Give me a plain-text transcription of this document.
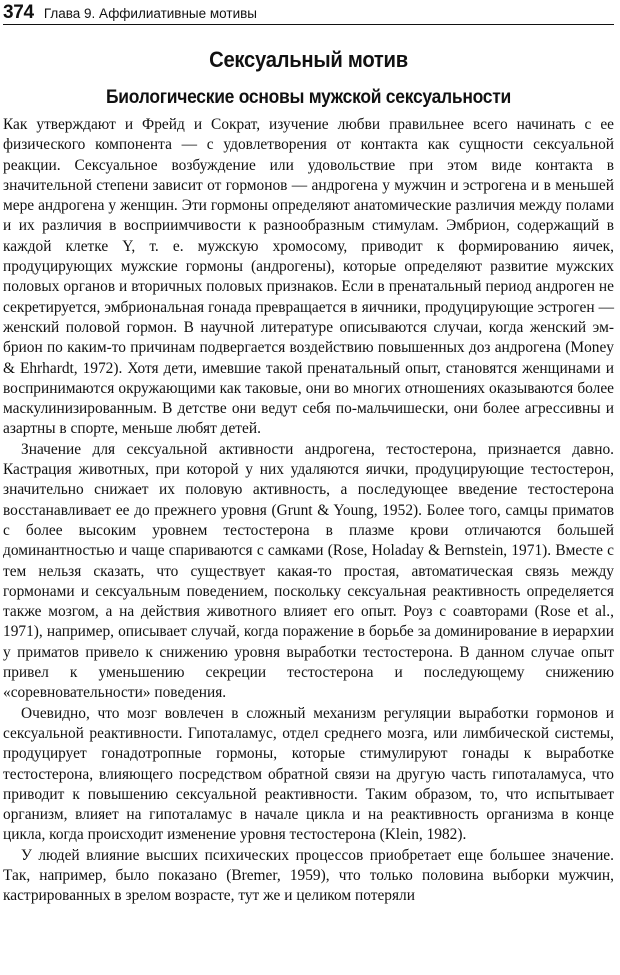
374 Глава 9. Аффилиативные мотивы
Сексуальный мотив
Биологические основы мужской сексуальности

Как утверждают и Фрейд и Сократ, изучение любви правильнее всего начинать с ее физического компонента — с удовлетворения от контакта как сущности сексуальной реакции. Сексуальное возбуждение или удовольствие при этом виде контакта в значительной степени зависит от гормонов — андрогена у мужчин и эстрогена и в меньшей мере андрогена у женщин. Эти гормоны определяют анатомические различия между полами и их различия в восприимчивости к разнообразным стимулам. Эмбрион, содержащий в каждой клетке Y, т. е. мужскую хромосому, приводит к формированию яичек, продуцирующих мужские гормоны (андрогены), которые определяют развитие мужских половых органов и вторичных половых признаков. Если в пренатальный период андроген не секретируется, эмбриональная гонада превращается в яичники, продуцирующие эстроген — женский половой гормон. В научной литературе описываются случаи, когда женский эмбрион по каким-то причинам подвергается воздействию повышенных доз андрогена (Money & Ehrhardt, 1972). Хотя дети, имевшие такой пренатальный опыт, становятся женщинами и воспринимаются окружающими как таковые, они во многих отношениях оказываются более маскулинизированным. В детстве они ведут себя по-мальчишески, они более агрессивны и азартны в спорте, меньше любят детей.

Значение для сексуальной активности андрогена, тестостерона, признается давно. Кастрация животных, при которой у них удаляются яички, продуцирующие тестостерон, значительно снижает их половую активность, а последующее введение тестостерона восстанавливает ее до прежнего уровня (Grunt & Young, 1952). Более того, самцы приматов с более высоким уровнем тестостерона в плазме крови отличаются большей доминантностью и чаще спариваются с самками (Rose, Holaday & Bernstein, 1971). Вместе с тем нельзя сказать, что существует какая-то простая, автоматическая связь между гормонами и сексуальным поведением, поскольку сексуальная реактивность определяется также мозгом, а на действия животного влияет его опыт. Роуз с соавторами (Rose et al., 1971), например, описывает случай, когда поражение в борьбе за доминирование в иерархии у приматов привело к снижению уровня выработки тестостерона. В данном случае опыт привел к уменьшению секреции тестостерона и последующему снижению «соревновательности» поведения.

Очевидно, что мозг вовлечен в сложный механизм регуляции выработки гормонов и сексуальной реактивности. Гипоталамус, отдел среднего мозга, или лимбической системы, продуцирует гонадотропные гормоны, которые стимулируют гонады к выработке тестостерона, влияющего посредством обратной связи на другую часть гипоталамуса, что приводит к повышению сексуальной реактивности. Таким образом, то, что испытывает организм, влияет на гипоталамус в начале цикла и на реактивность организма в конце цикла, когда происходит изменение уровня тестостерона (Klein, 1982).

У людей влияние высших психических процессов приобретает еще большее значение. Так, например, было показано (Bremer, 1959), что только половина выборки мужчин, кастрированных в зрелом возрасте, тут же и целиком потеряли
